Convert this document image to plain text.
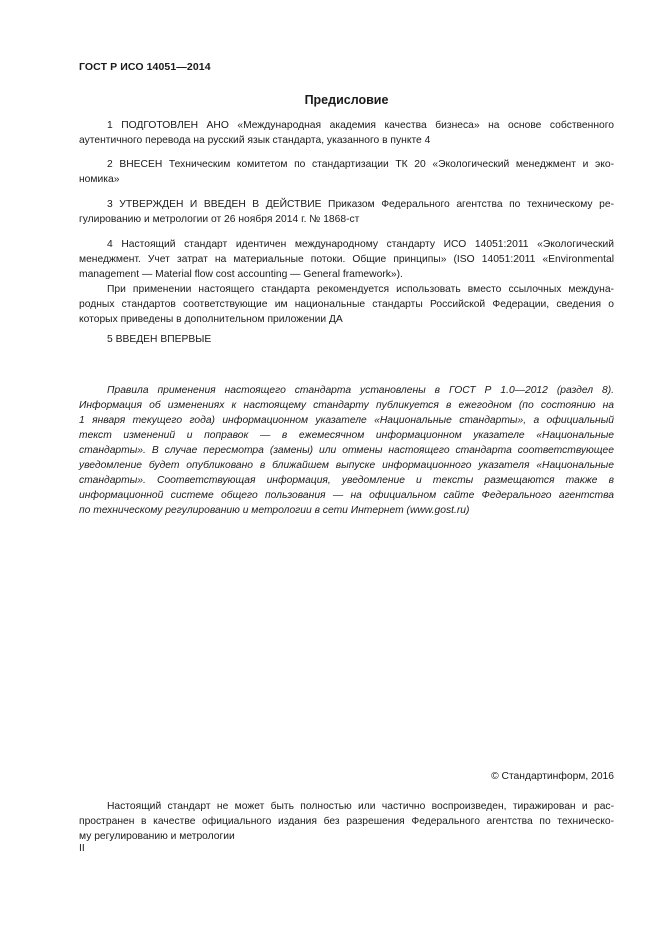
ГОСТ Р ИСО 14051—2014
Предисловие
1 ПОДГОТОВЛЕН АНО «Международная академия качества бизнеса» на основе собственного
аутентичного перевода на русский язык стандарта, указанного в пункте 4
2 ВНЕСЕН Техническим комитетом по стандартизации ТК 20 «Экологический менеджмент и эко-
номика»
3 УТВЕРЖДЕН И ВВЕДЕН В ДЕЙСТВИЕ Приказом Федерального агентства по техническому ре-
гулированию и метрологии от 26 ноября 2014 г. № 1868-ст
4 Настоящий стандарт идентичен международному стандарту ИСО 14051:2011 «Экологический
менеджмент. Учет затрат на материальные потоки. Общие принципы» (ISO 14051:2011 «Environmental
management — Material flow cost accounting — General framework»).
При применении настоящего стандарта рекомендуется использовать вместо ссылочных междуна-
родных стандартов соответствующие им национальные стандарты Российской Федерации, сведения о
которых приведены в дополнительном приложении ДА
5 ВВЕДЕН ВПЕРВЫЕ
Правила применения настоящего стандарта установлены в ГОСТ Р 1.0—2012 (раздел 8).
Информация об изменениях к настоящему стандарту публикуется в ежегодном (по состоянию на
1 января текущего года) информационном указателе «Национальные стандарты», а официальный
текст изменений и поправок — в ежемесячном информационном указателе «Национальные
стандарты». В случае пересмотра (замены) или отмены настоящего стандарта соответствующее
уведомление будет опубликовано в ближайшем выпуске информационного указателя «Национальные
стандарты». Соответствующая информация, уведомление и тексты размещаются также в
информационной системе общего пользования — на официальном сайте Федерального агентства
по техническому регулированию и метрологии в сети Интернет (www.gost.ru)
© Стандартинформ, 2016
Настоящий стандарт не может быть полностью или частично воспроизведен, тиражирован и рас-
пространен в качестве официального издания без разрешения Федерального агентства по техническо-
му регулированию и метрологии
II
